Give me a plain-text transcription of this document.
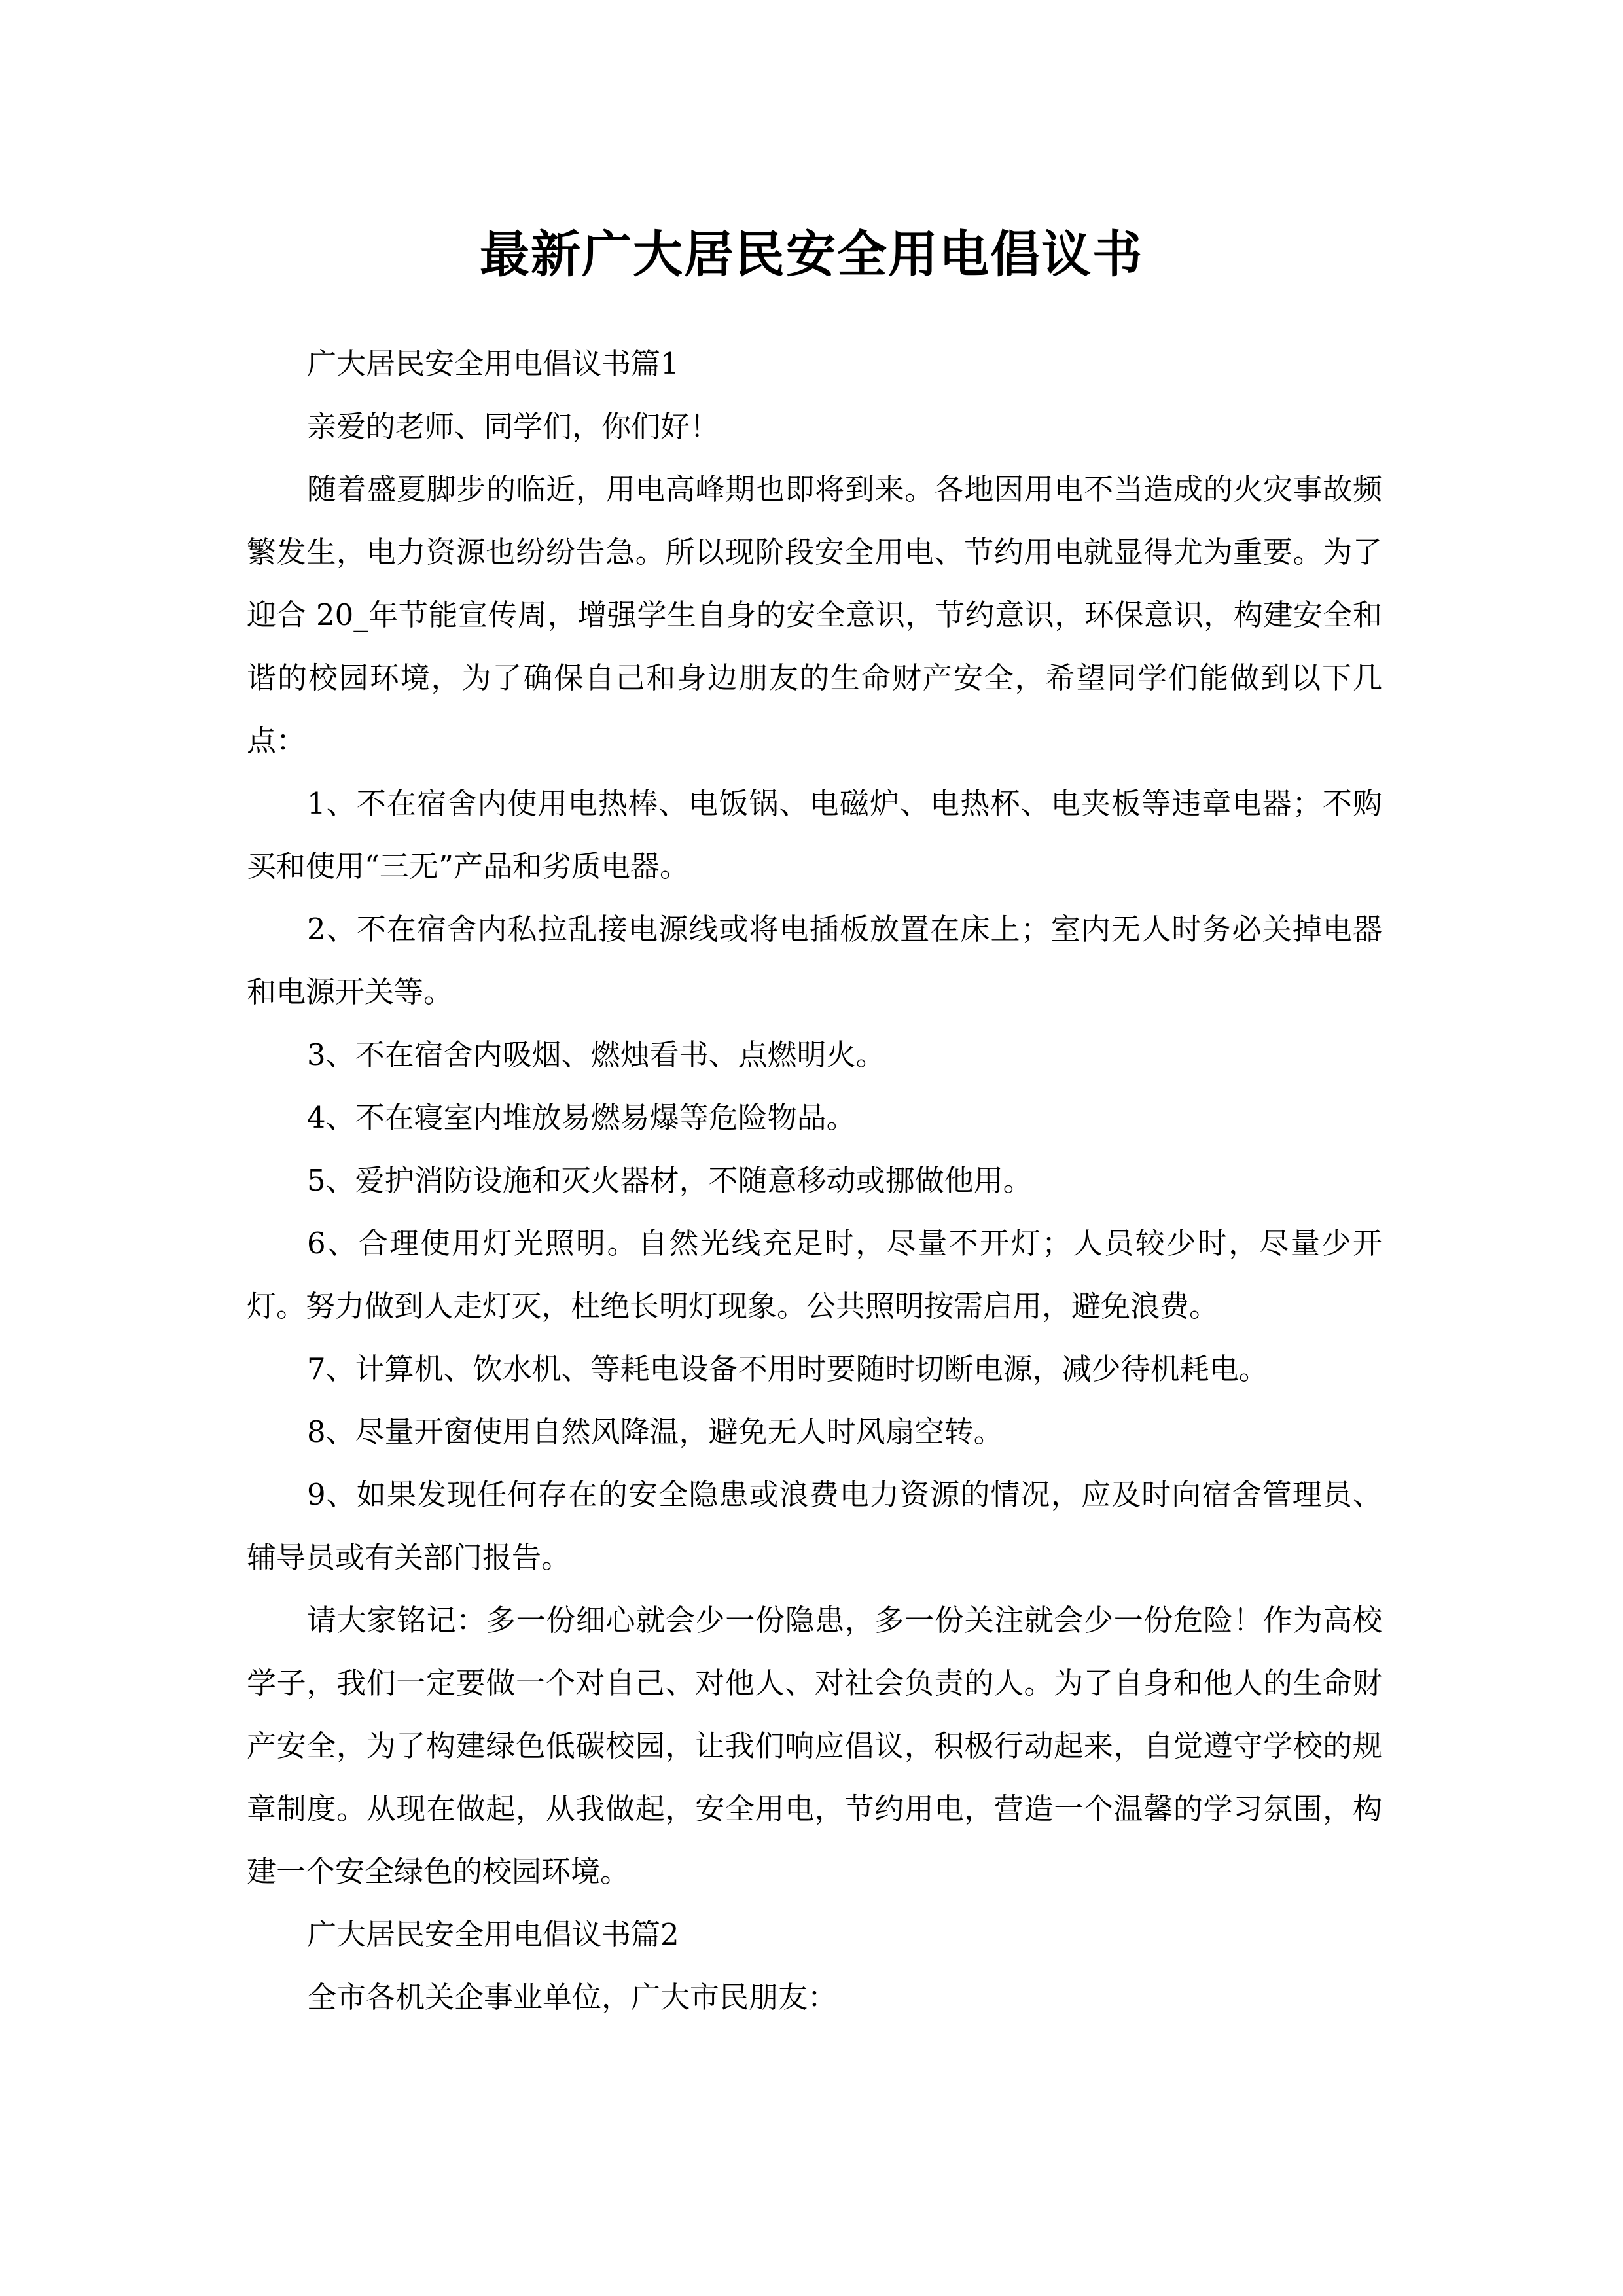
最新广大居民安全用电倡议书

广大居民安全用电倡议书篇1

亲爱的老师、同学们，你们好！

随着盛夏脚步的临近，用电高峰期也即将到来。各地因用电不当造成的火灾事故频繁发生，电力资源也纷纷告急。所以现阶段安全用电、节约用电就显得尤为重要。为了迎合 20_年节能宣传周，增强学生自身的安全意识，节约意识，环保意识，构建安全和谐的校园环境，为了确保自己和身边朋友的生命财产安全，希望同学们能做到以下几点：

1、不在宿舍内使用电热棒、电饭锅、电磁炉、电热杯、电夹板等违章电器；不购买和使用“三无”产品和劣质电器。

2、不在宿舍内私拉乱接电源线或将电插板放置在床上；室内无人时务必关掉电器和电源开关等。

3、不在宿舍内吸烟、燃烛看书、点燃明火。

4、不在寝室内堆放易燃易爆等危险物品。

5、爱护消防设施和灭火器材，不随意移动或挪做他用。

6、合理使用灯光照明。自然光线充足时，尽量不开灯；人员较少时，尽量少开灯。努力做到人走灯灭，杜绝长明灯现象。公共照明按需启用，避免浪费。

7、计算机、饮水机、等耗电设备不用时要随时切断电源，减少待机耗电。

8、尽量开窗使用自然风降温，避免无人时风扇空转。

9、如果发现任何存在的安全隐患或浪费电力资源的情况，应及时向宿舍管理员、辅导员或有关部门报告。

请大家铭记：多一份细心就会少一份隐患，多一份关注就会少一份危险！作为高校学子，我们一定要做一个对自己、对他人、对社会负责的人。为了自身和他人的生命财产安全，为了构建绿色低碳校园，让我们响应倡议，积极行动起来，自觉遵守学校的规章制度。从现在做起，从我做起，安全用电，节约用电，营造一个温馨的学习氛围，构建一个安全绿色的校园环境。

广大居民安全用电倡议书篇2

全市各机关企事业单位，广大市民朋友：
